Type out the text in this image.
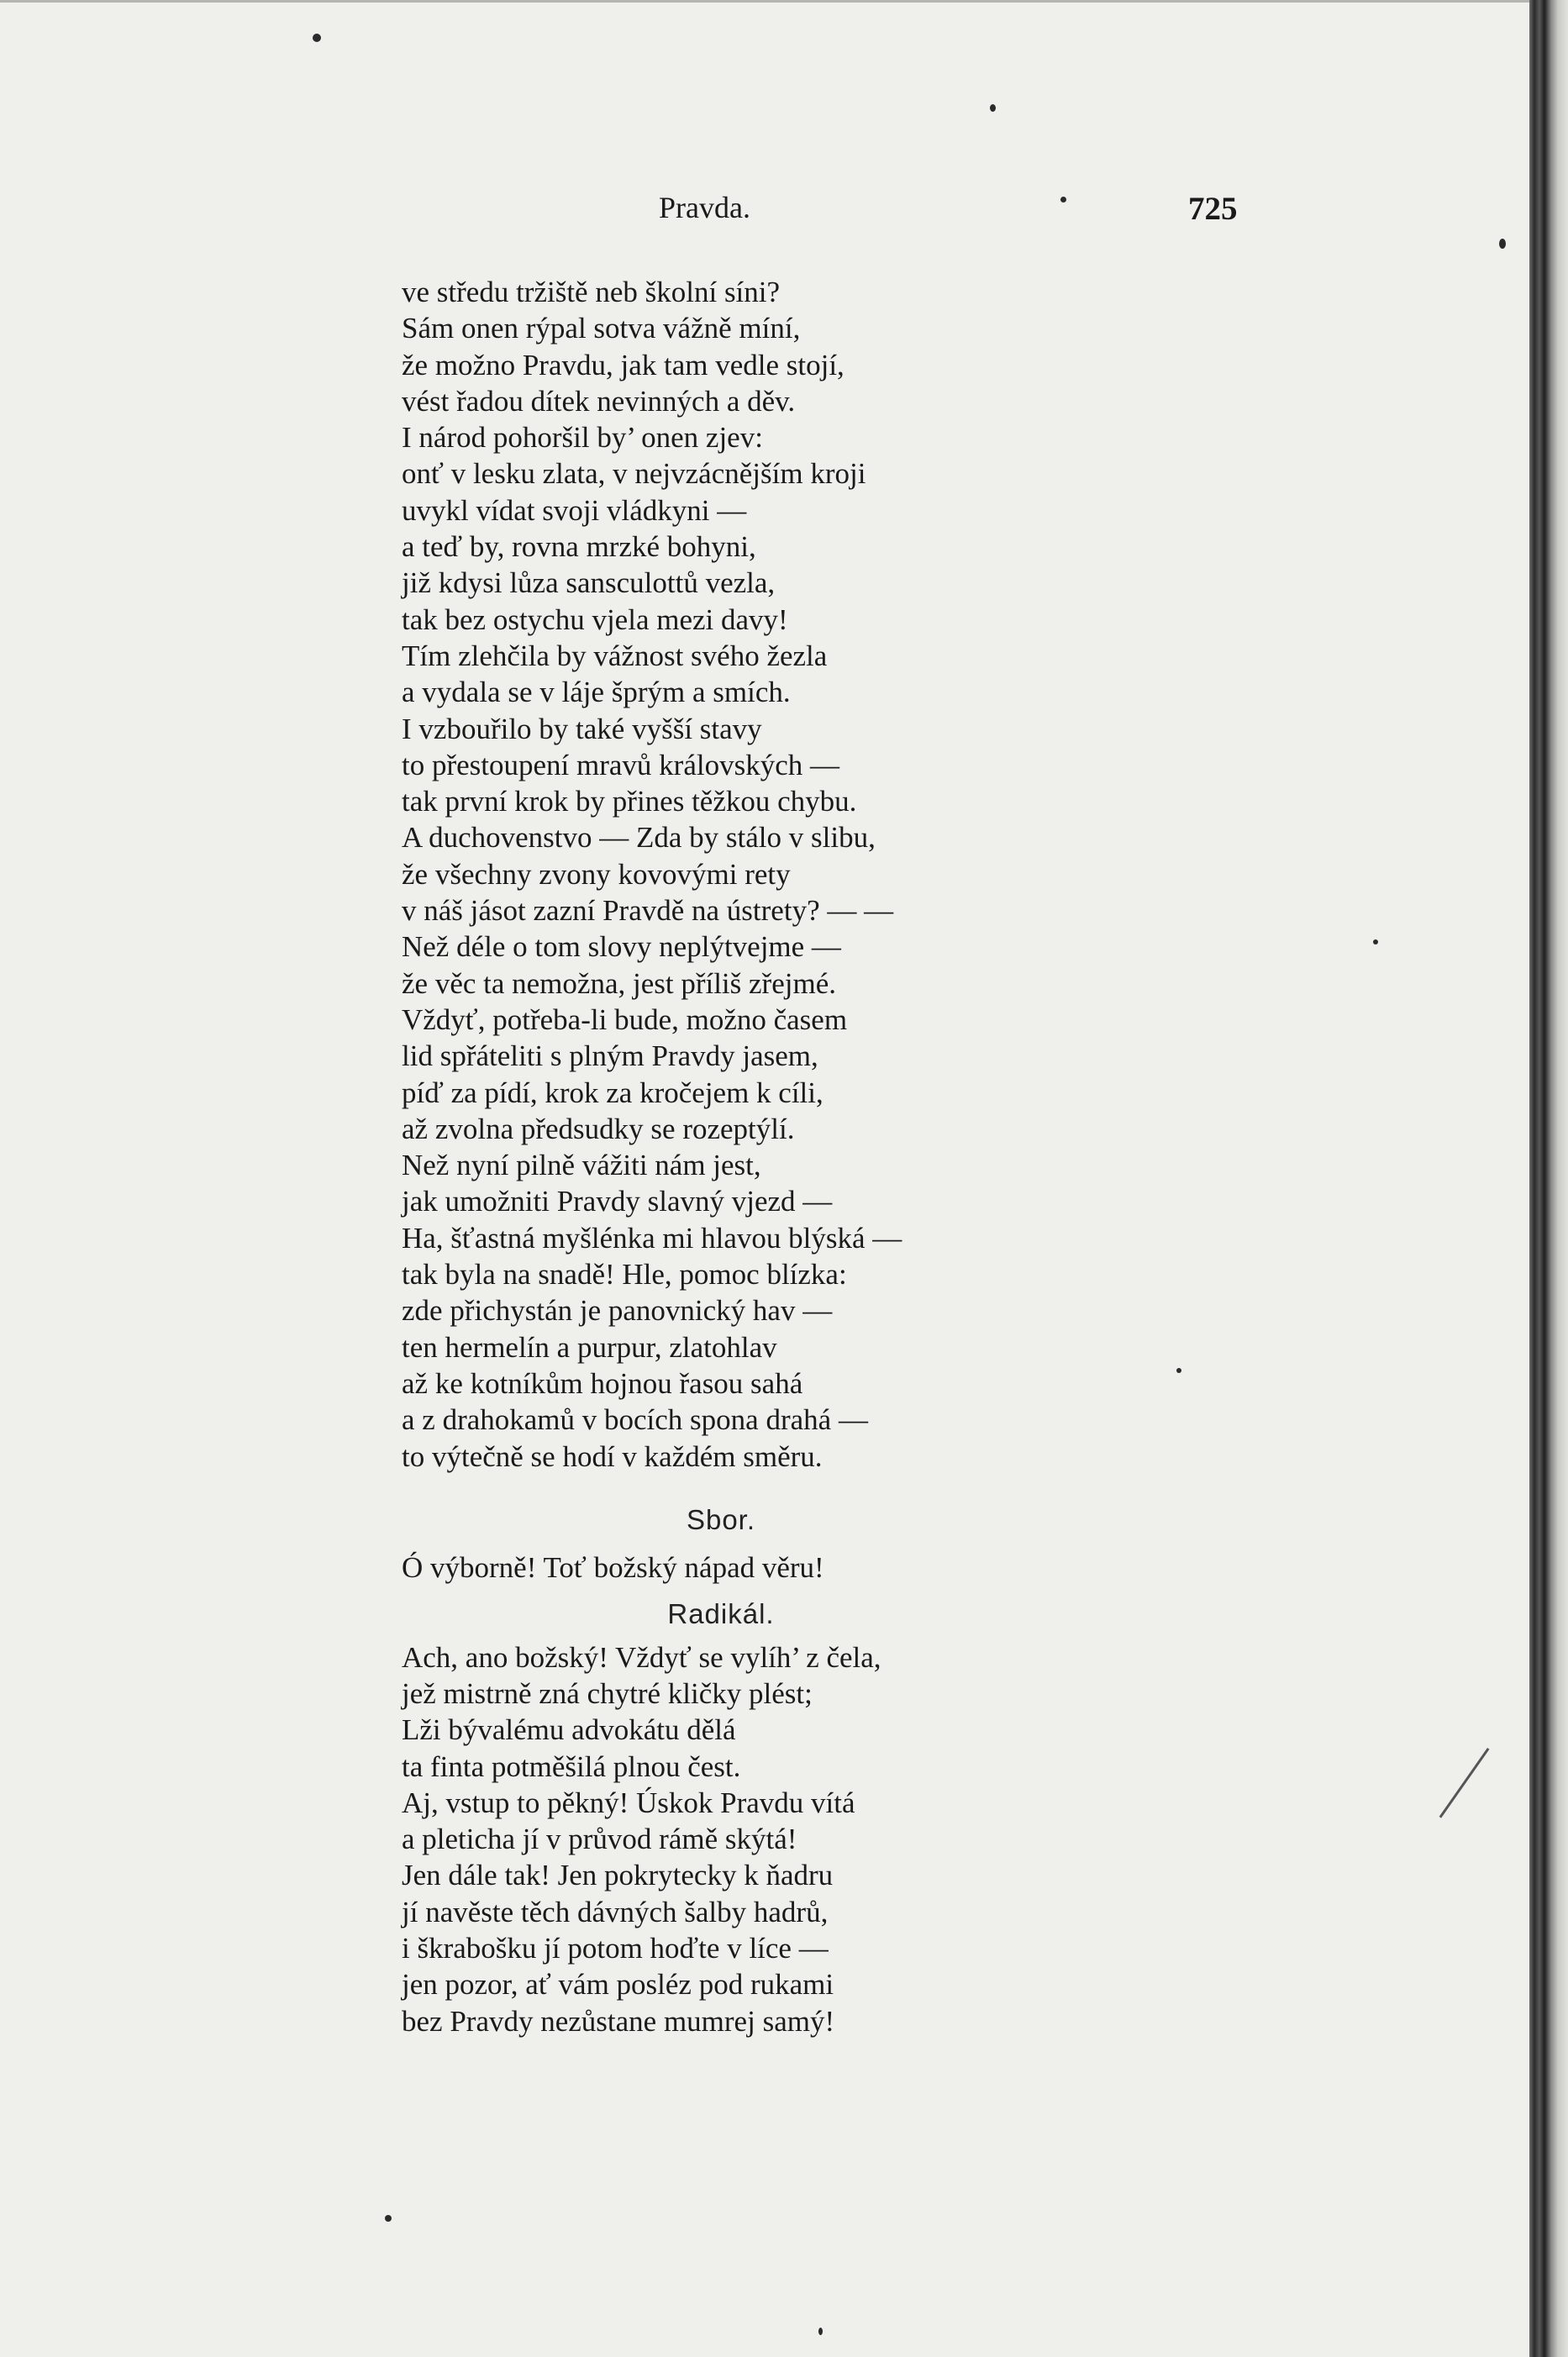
Pravda.	725
ve středu tržiště neb školní síni?
Sám onen rýpal sotva vážně míní,
že možno Pravdu, jak tam vedle stojí,
vést řadou dítek nevinných a děv.
I národ pohoršil by’ onen zjev:
onť v lesku zlata, v nejvzácnějším kroji
uvykl vídat svoji vládkyni —
a teď by, rovna mrzké bohyni,
již kdysi lůza sansculottů vezla,
tak bez ostychu vjela mezi davy!
Tím zlehčila by vážnost svého žezla
a vydala se v láje šprým a smích.
I vzbouřilo by také vyšší stavy
to přestoupení mravů královských —
tak první krok by přines těžkou chybu.
A duchovenstvo — Zda by stálo v slibu,
že všechny zvony kovovými rety
v náš jásot zazní Pravdě na ústrety? — —
Než déle o tom slovy neplýtvejme —
že věc ta nemožna, jest příliš zřejmé.
Vždyť, potřeba-li bude, možno časem
lid spřáteliti s plným Pravdy jasem,
píď za pídí, krok za kročejem k cíli,
až zvolna předsudky se rozeptýlí.
Než nyní pilně vážiti nám jest,
jak umožniti Pravdy slavný vjezd —
Ha, šťastná myšlénka mi hlavou blýská —
tak byla na snadě! Hle, pomoc blízka:
zde přichystán je panovnický hav —
ten hermelín a purpur, zlatohlav
až ke kotníkům hojnou řasou sahá
a z drahokamů v bocích spona drahá —
to výtečně se hodí v každém směru.
Sbor.
Ó výborně! Toť božský nápad věru!
Radikál.
Ach, ano božský! Vždyť se vylíh’ z čela,
jež mistrně zná chytré kličky plést;
Lži bývalému advokátu dělá
ta finta potměšilá plnou čest.
Aj, vstup to pěkný! Úskok Pravdu vítá
a pleticha jí v průvod rámě skýtá!
Jen dále tak! Jen pokrytecky k ňadru
jí navěste těch dávných šalby hadrů,
i škrabošku jí potom hoďte v líce —
jen pozor, ať vám posléz pod rukami
bez Pravdy nezůstane mumrej samý!
